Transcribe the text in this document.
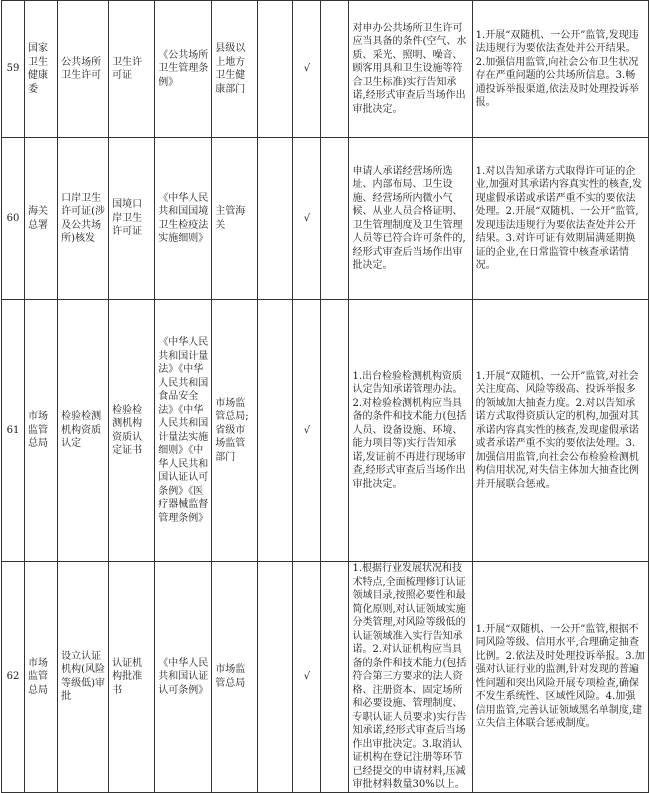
59	国家卫生健康委	公共场所卫生许可	卫生许可证	《公共场所卫生管理条例》	县级以上地方卫生健康部门		√		对申办公共场所卫生许可应当具备的条件(空气、水质、采光、照明、噪音、顾客用具和卫生设施等符合卫生标准)实行告知承诺,经形式审查后当场作出审批决定。	1.开展“双随机、一公开”监管,发现违法违规行为要依法查处并公开结果。2.加强信用监管,向社会公布卫生状况存在严重问题的公共场所信息。3.畅通投诉举报渠道,依法及时处理投诉举报。
60	海关总署	口岸卫生许可证(涉及公共场所)核发	国境口岸卫生许可证	《中华人民共和国国境卫生检疫法实施细则》	主管海关		√		申请人承诺经营场所选址、内部布局、卫生设施、经营场所内微小气候、从业人员合格证明、卫生管理制度及卫生管理人员等已符合许可条件的,经形式审查后当场作出审批决定。	1.对以告知承诺方式取得许可证的企业,加强对其承诺内容真实性的核查,发现虚假承诺或承诺严重不实的要依法处理。2.开展“双随机、一公开”监管,发现违法违规行为要依法查处并公开结果。3.对许可证有效期届满延期换证的企业,在日常监管中核查承诺情况。
61	市场监管总局	检验检测机构资质认定	检验检测机构资质认定证书	《中华人民共和国计量法》《中华人民共和国食品安全法》《中华人民共和国计量法实施细则》《中华人民共和国认证认可条例》《医疗器械监督管理条例》	市场监管总局;省级市场监管部门		√		1.出台检验检测机构资质认定告知承诺管理办法。2.对检验检测机构应当具备的条件和技术能力(包括人员、设备设施、环境、能力项目等)实行告知承诺,发证前不再进行现场审查,经形式审查后当场作出审批决定。	1.开展“双随机、一公开”监管,对社会关注度高、风险等级高、投诉举报多的领域加大抽查力度。2.对以告知承诺方式取得资质认定的机构,加强对其承诺内容真实性的核查,发现虚假承诺或者承诺严重不实的要依法处理。3.加强信用监管,向社会公布检验检测机构信用状况,对失信主体加大抽查比例并开展联合惩戒。
62	市场监管总局	设立认证机构(风险等级低)审批	认证机构批准书	《中华人民共和国认证认可条例》	市场监管总局		√		1.根据行业发展状况和技术特点,全面梳理修订认证领域目录,按照必要性和最简化原则,对认证领域实施分类管理,对风险等级低的认证领域准入实行告知承诺。2.对认证机构应当具备的条件和技术能力(包括符合第三方要求的法人资格、注册资本、固定场所和必要设施、管理制度、专职认证人员要求)实行告知承诺,经形式审查后当场作出审批决定。3.取消认证机构在登记注册等环节已经提交的申请材料,压减审批材料数量30%以上。	1.开展“双随机、一公开”监管,根据不同风险等级、信用水平,合理确定抽查比例。2.依法及时处理投诉举报。3.加强对认证行业的监测,针对发现的普遍性问题和突出风险开展专项检查,确保不发生系统性、区域性风险。4.加强信用监管,完善认证领域黑名单制度,建立失信主体联合惩戒制度。
